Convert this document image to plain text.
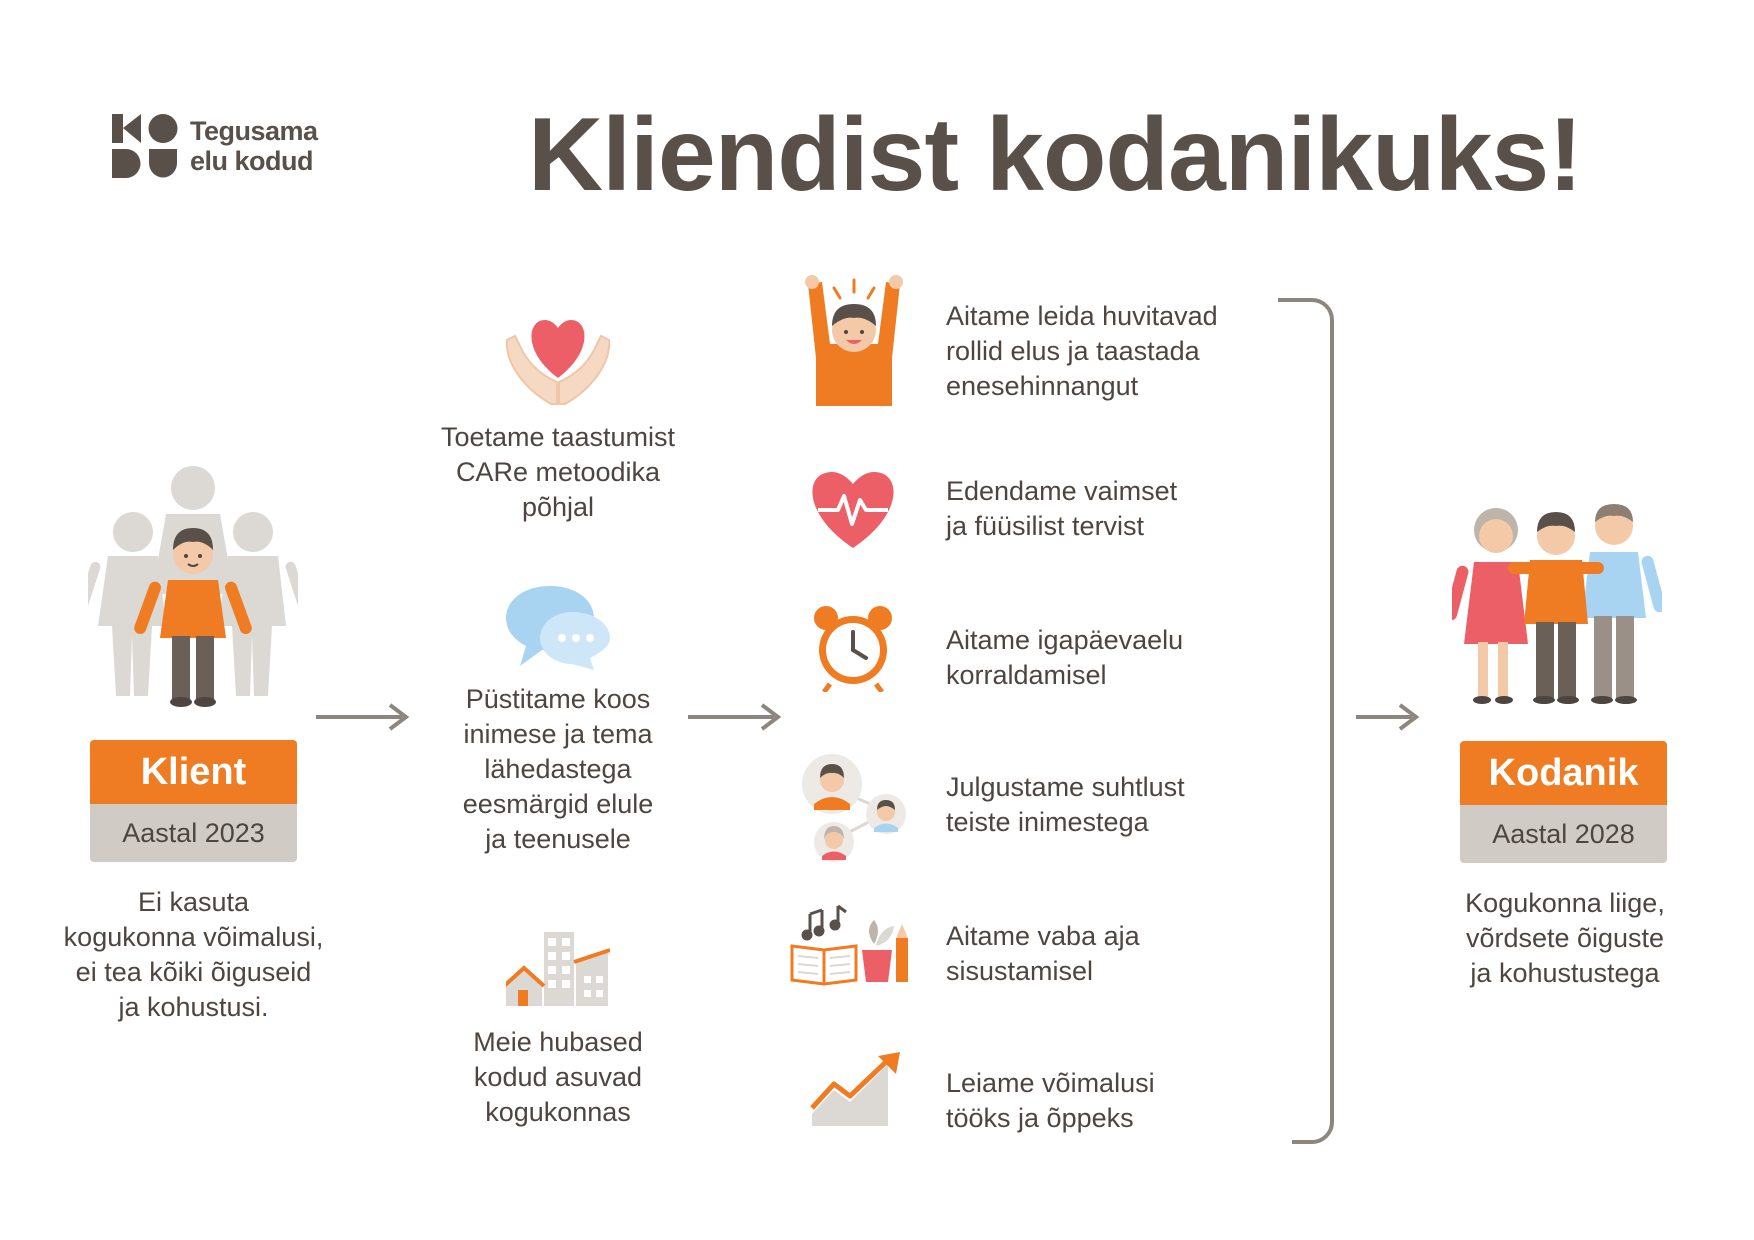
Tegusama
elu kodud Kliendist kodanikuks!
Klient
Aastal 2023
Ei kasuta
kogukonna võimalusi,
ei tea kõiki õiguseid
ja kohustusi.
Toetame taastumist
CARe metoodika
põhjal
Püstitame koos
inimese ja tema
lähedastega
eesmärgid elule
ja teenusele
Meie hubased
kodud asuvad
kogukonnas
Aitame leida huvitavad
rollid elus ja taastada
enesehinnangut
Edendame vaimset
ja füüsilist tervist
Aitame igapäevaelu
korraldamisel
Julgustame suhtlust
teiste inimestega
Aitame vaba aja
sisustamisel
Leiame võimalusi
tööks ja õppeks
Kodanik
Aastal 2028
Kogukonna liige,
võrdsete õiguste
ja kohustustega
